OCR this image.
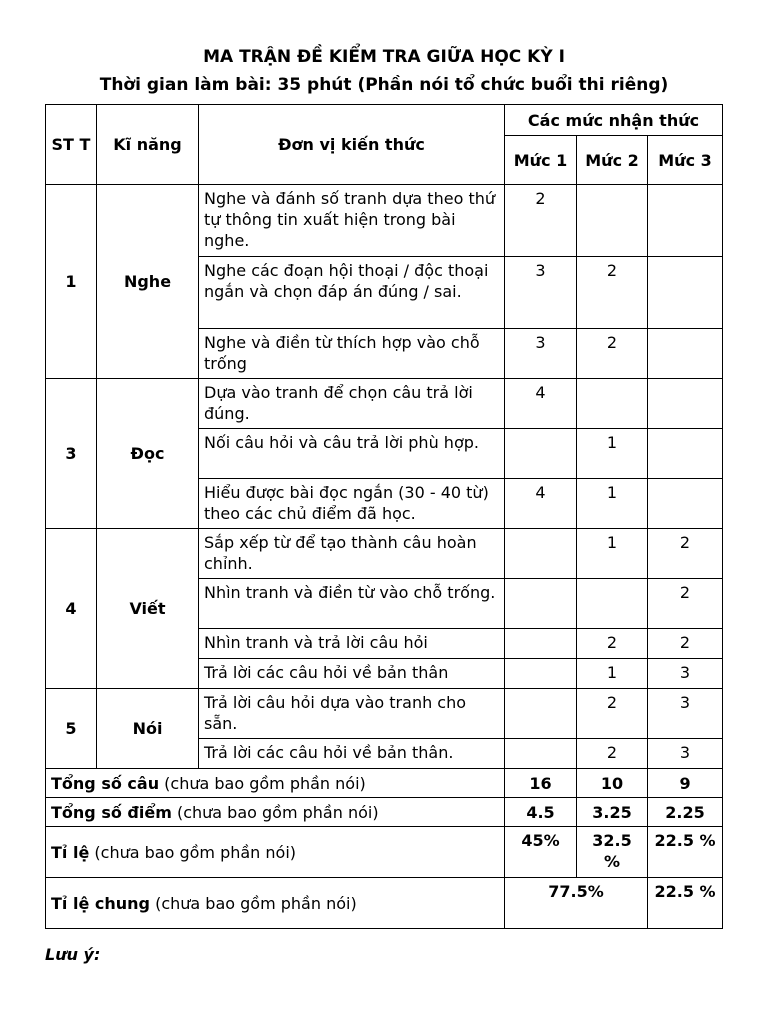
MA TRẬN ĐỀ KIỂM TRA GIỮA HỌC KỲ I
Thời gian làm bài: 35 phút (Phần nói tổ chức buổi thi riêng)
ST T	Kĩ năng	Đơn vị kiến thức	Các mức nhận thức		
			Mức 1	Mức 2	Mức 3
1	Nghe	Nghe và đánh số tranh dựa theo thứ tự thông tin xuất hiện trong bài nghe.	2		
		Nghe các đoạn hội thoại / độc thoại ngắn và chọn đáp án đúng / sai.	3	2	
		Nghe và điền từ thích hợp vào chỗ trống	3	2	
3	Đọc	Dựa vào tranh để chọn câu trả lời đúng.	4		
		Nối câu hỏi và câu trả lời phù hợp.		1	
		Hiểu được bài đọc ngắn (30 - 40 từ) theo các chủ điểm đã học.	4	1	
4	Viết	Sắp xếp từ để tạo thành câu hoàn chỉnh.		1	2
		Nhìn tranh và điền từ vào chỗ trống.			2
		Nhìn tranh và trả lời câu hỏi		2	2
		Trả lời các câu hỏi về bản thân		1	3
5	Nói	Trả lời câu hỏi dựa vào tranh cho sẵn.		2	3
		Trả lời các câu hỏi về bản thân.		2	3
Tổng số câu (chưa bao gồm phần nói)			16	10	9
Tổng số điểm (chưa bao gồm phần nói)			4.5	3.25	2.25
Tỉ lệ (chưa bao gồm phần nói)			45%	32.5 %	22.5 %
Tỉ lệ chung (chưa bao gồm phần nói)			77.5%		22.5 %
Lưu ý:
